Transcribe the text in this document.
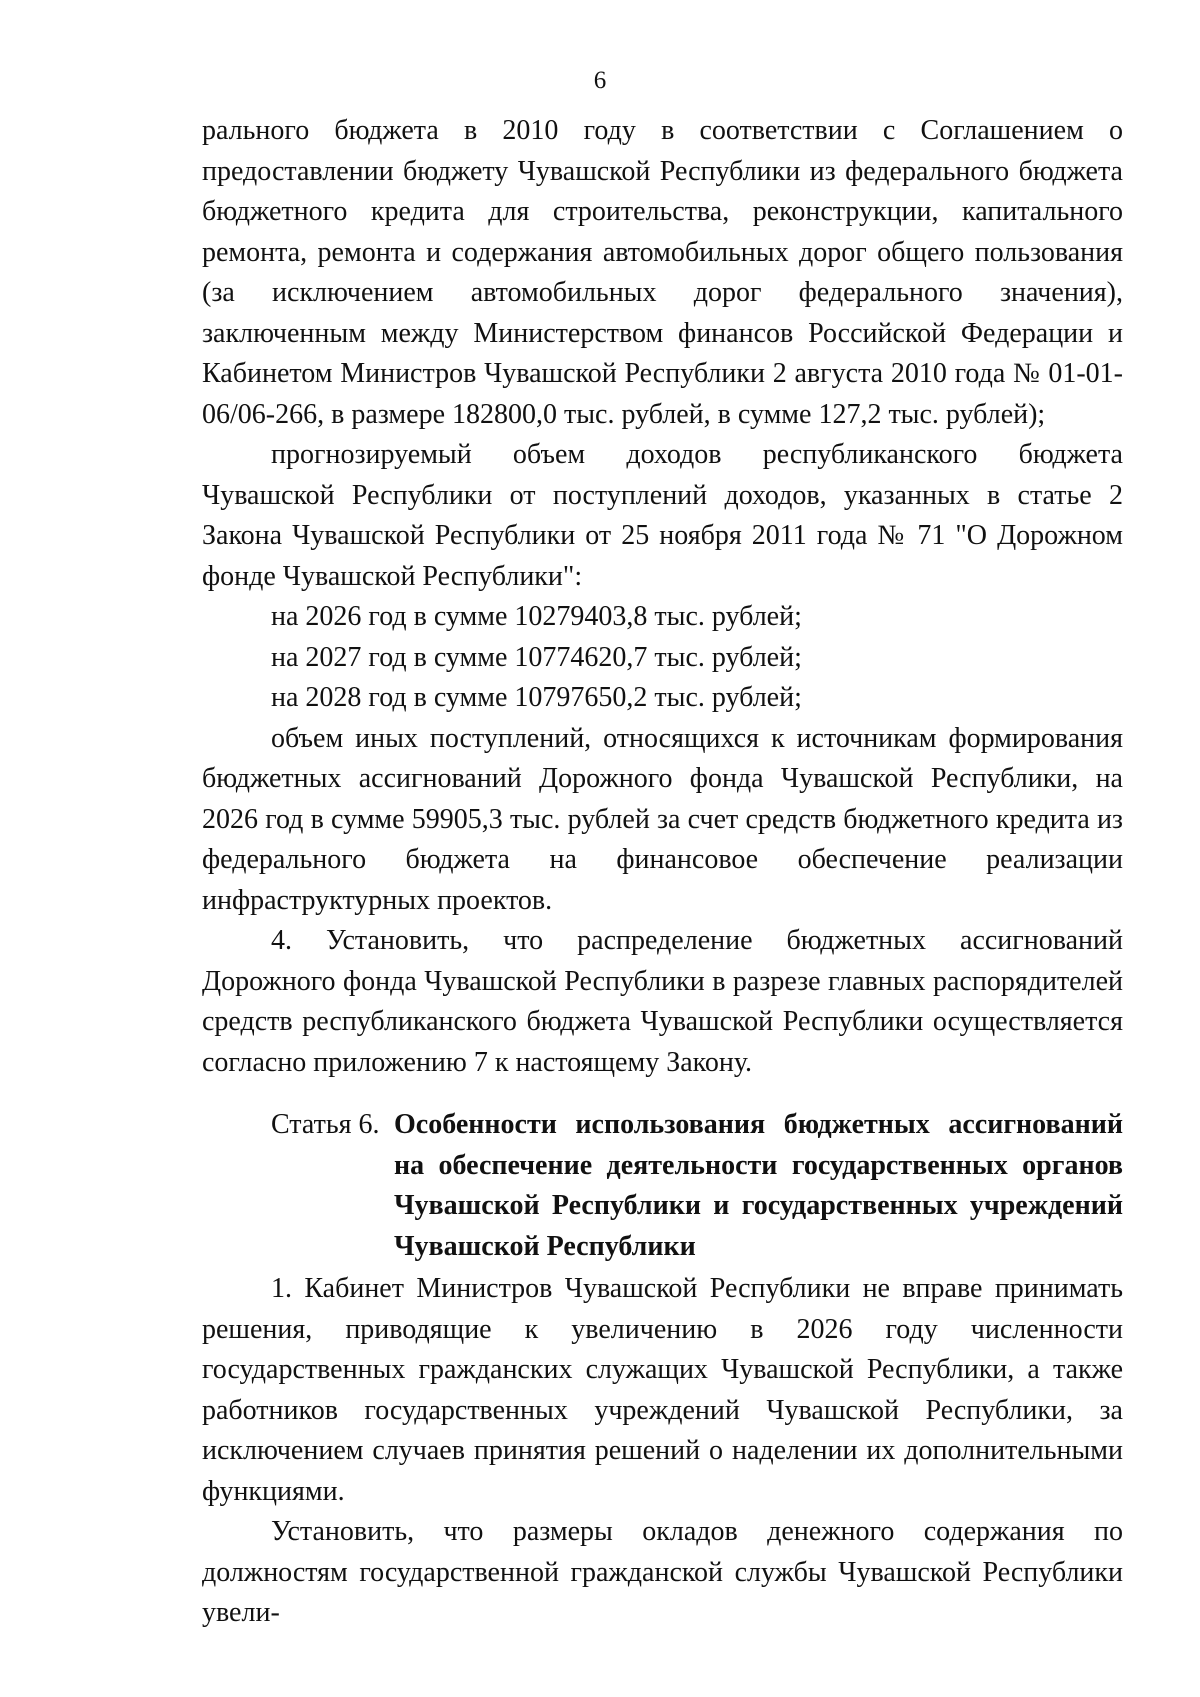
6

рального бюджета в 2010 году в соответствии с Соглашением о предоставлении бюджету Чувашской Республики из федерального бюджета бюджетного кредита для строительства, реконструкции, капитального ремонта, ремонта и содержания автомобильных дорог общего пользования (за исключением автомобильных дорог федерального значения), заключенным между Министерством финансов Российской Федерации и Кабинетом Министров Чувашской Республики 2 августа 2010 года № 01-01-06/06-266, в размере 182800,0 тыс. рублей, в сумме 127,2 тыс. рублей);

прогнозируемый объем доходов республиканского бюджета Чувашской Республики от поступлений доходов, указанных в статье 2 Закона Чувашской Республики от 25 ноября 2011 года № 71 "О Дорожном фонде Чувашской Республики":

на 2026 год в сумме 10279403,8 тыс. рублей;

на 2027 год в сумме 10774620,7 тыс. рублей;

на 2028 год в сумме 10797650,2 тыс. рублей;

объем иных поступлений, относящихся к источникам формирования бюджетных ассигнований Дорожного фонда Чувашской Республики, на 2026 год в сумме 59905,3 тыс. рублей за счет средств бюджетного кредита из федерального бюджета на финансовое обеспечение реализации инфраструктурных проектов.

4. Установить, что распределение бюджетных ассигнований Дорожного фонда Чувашской Республики в разрезе главных распорядителей средств республиканского бюджета Чувашской Республики осуществляется согласно приложению 7 к настоящему Закону.

Статья 6. Особенности использования бюджетных ассигнований на обеспечение деятельности государственных органов Чувашской Республики и государственных учреждений Чувашской Республики

1. Кабинет Министров Чувашской Республики не вправе принимать решения, приводящие к увеличению в 2026 году численности государственных гражданских служащих Чувашской Республики, а также работников государственных учреждений Чувашской Республики, за исключением случаев принятия решений о наделении их дополнительными функциями.

Установить, что размеры окладов денежного содержания по должностям государственной гражданской службы Чувашской Республики увели-
